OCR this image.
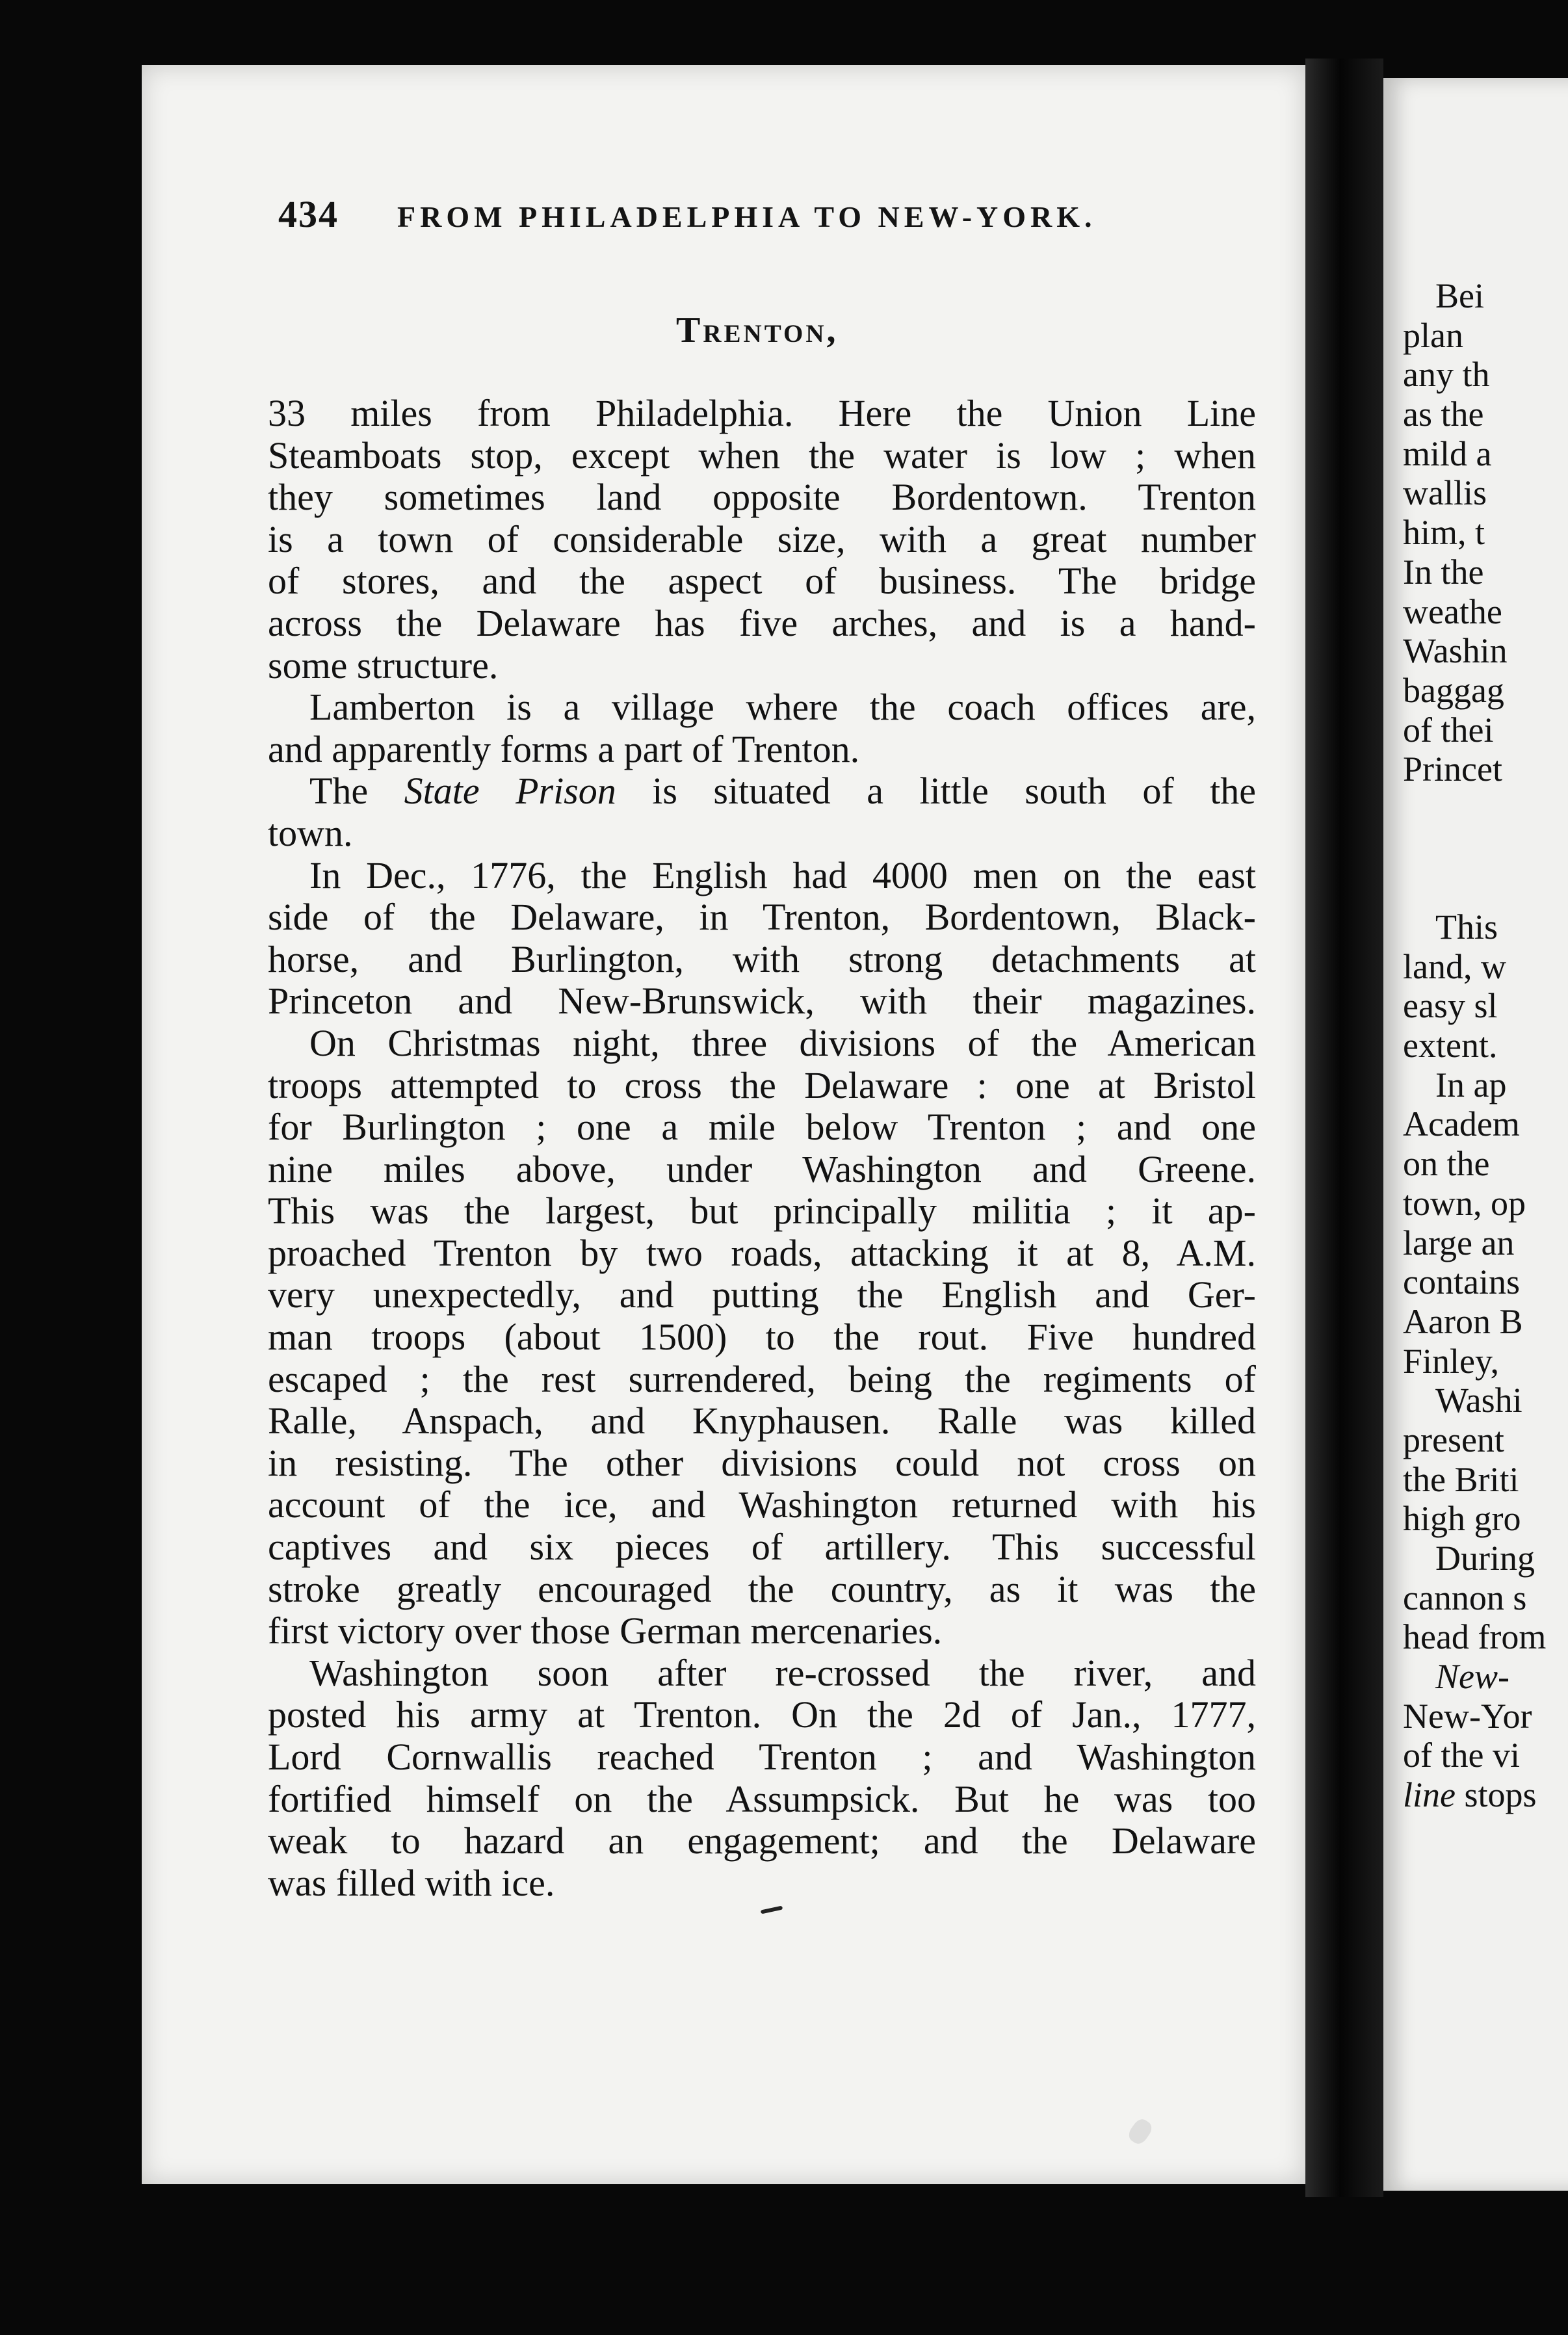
434 FROM PHILADELPHIA TO NEW-YORK.
Trenton,
33 miles from Philadelphia. Here the Union Line
Steamboats stop, except when the water is low ; when
they sometimes land opposite Bordentown. Trenton
is a town of considerable size, with a great number
of stores, and the aspect of business. The bridge
across the Delaware has five arches, and is a hand-
some structure.
Lamberton is a village where the coach offices are,
and apparently forms a part of Trenton.
The State Prison is situated a little south of the
town.
In Dec., 1776, the English had 4000 men on the east
side of the Delaware, in Trenton, Bordentown, Black-
horse, and Burlington, with strong detachments at
Princeton and New-Brunswick, with their magazines.
On Christmas night, three divisions of the American
troops attempted to cross the Delaware : one at Bristol
for Burlington ; one a mile below Trenton ; and one
nine miles above, under Washington and Greene.
This was the largest, but principally militia ; it ap-
proached Trenton by two roads, attacking it at 8, A.M.
very unexpectedly, and putting the English and Ger-
man troops (about 1500) to the rout. Five hundred
escaped ; the rest surrendered, being the regiments of
Ralle, Anspach, and Knyphausen. Ralle was killed
in resisting. The other divisions could not cross on
account of the ice, and Washington returned with his
captives and six pieces of artillery. This successful
stroke greatly encouraged the country, as it was the
first victory over those German mercenaries.
Washington soon after re-crossed the river, and
posted his army at Trenton. On the 2d of Jan., 1777,
Lord Cornwallis reached Trenton ; and Washington
fortified himself on the Assumpsick. But he was too
weak to hazard an engagement; and the Delaware
was filled with ice.
Bei
plan
any th
as the
mild a
wallis
him, t
In the
weathe
Washin
baggag
of thei
Princet
This
land, w
easy sl
extent.
In ap
Academ
on the
town, op
large an
contains
Aaron B
Finley,
Washi
present
the Briti
high gro
During
cannon s
head from
New-
New-Yor
of the vi
line stops
